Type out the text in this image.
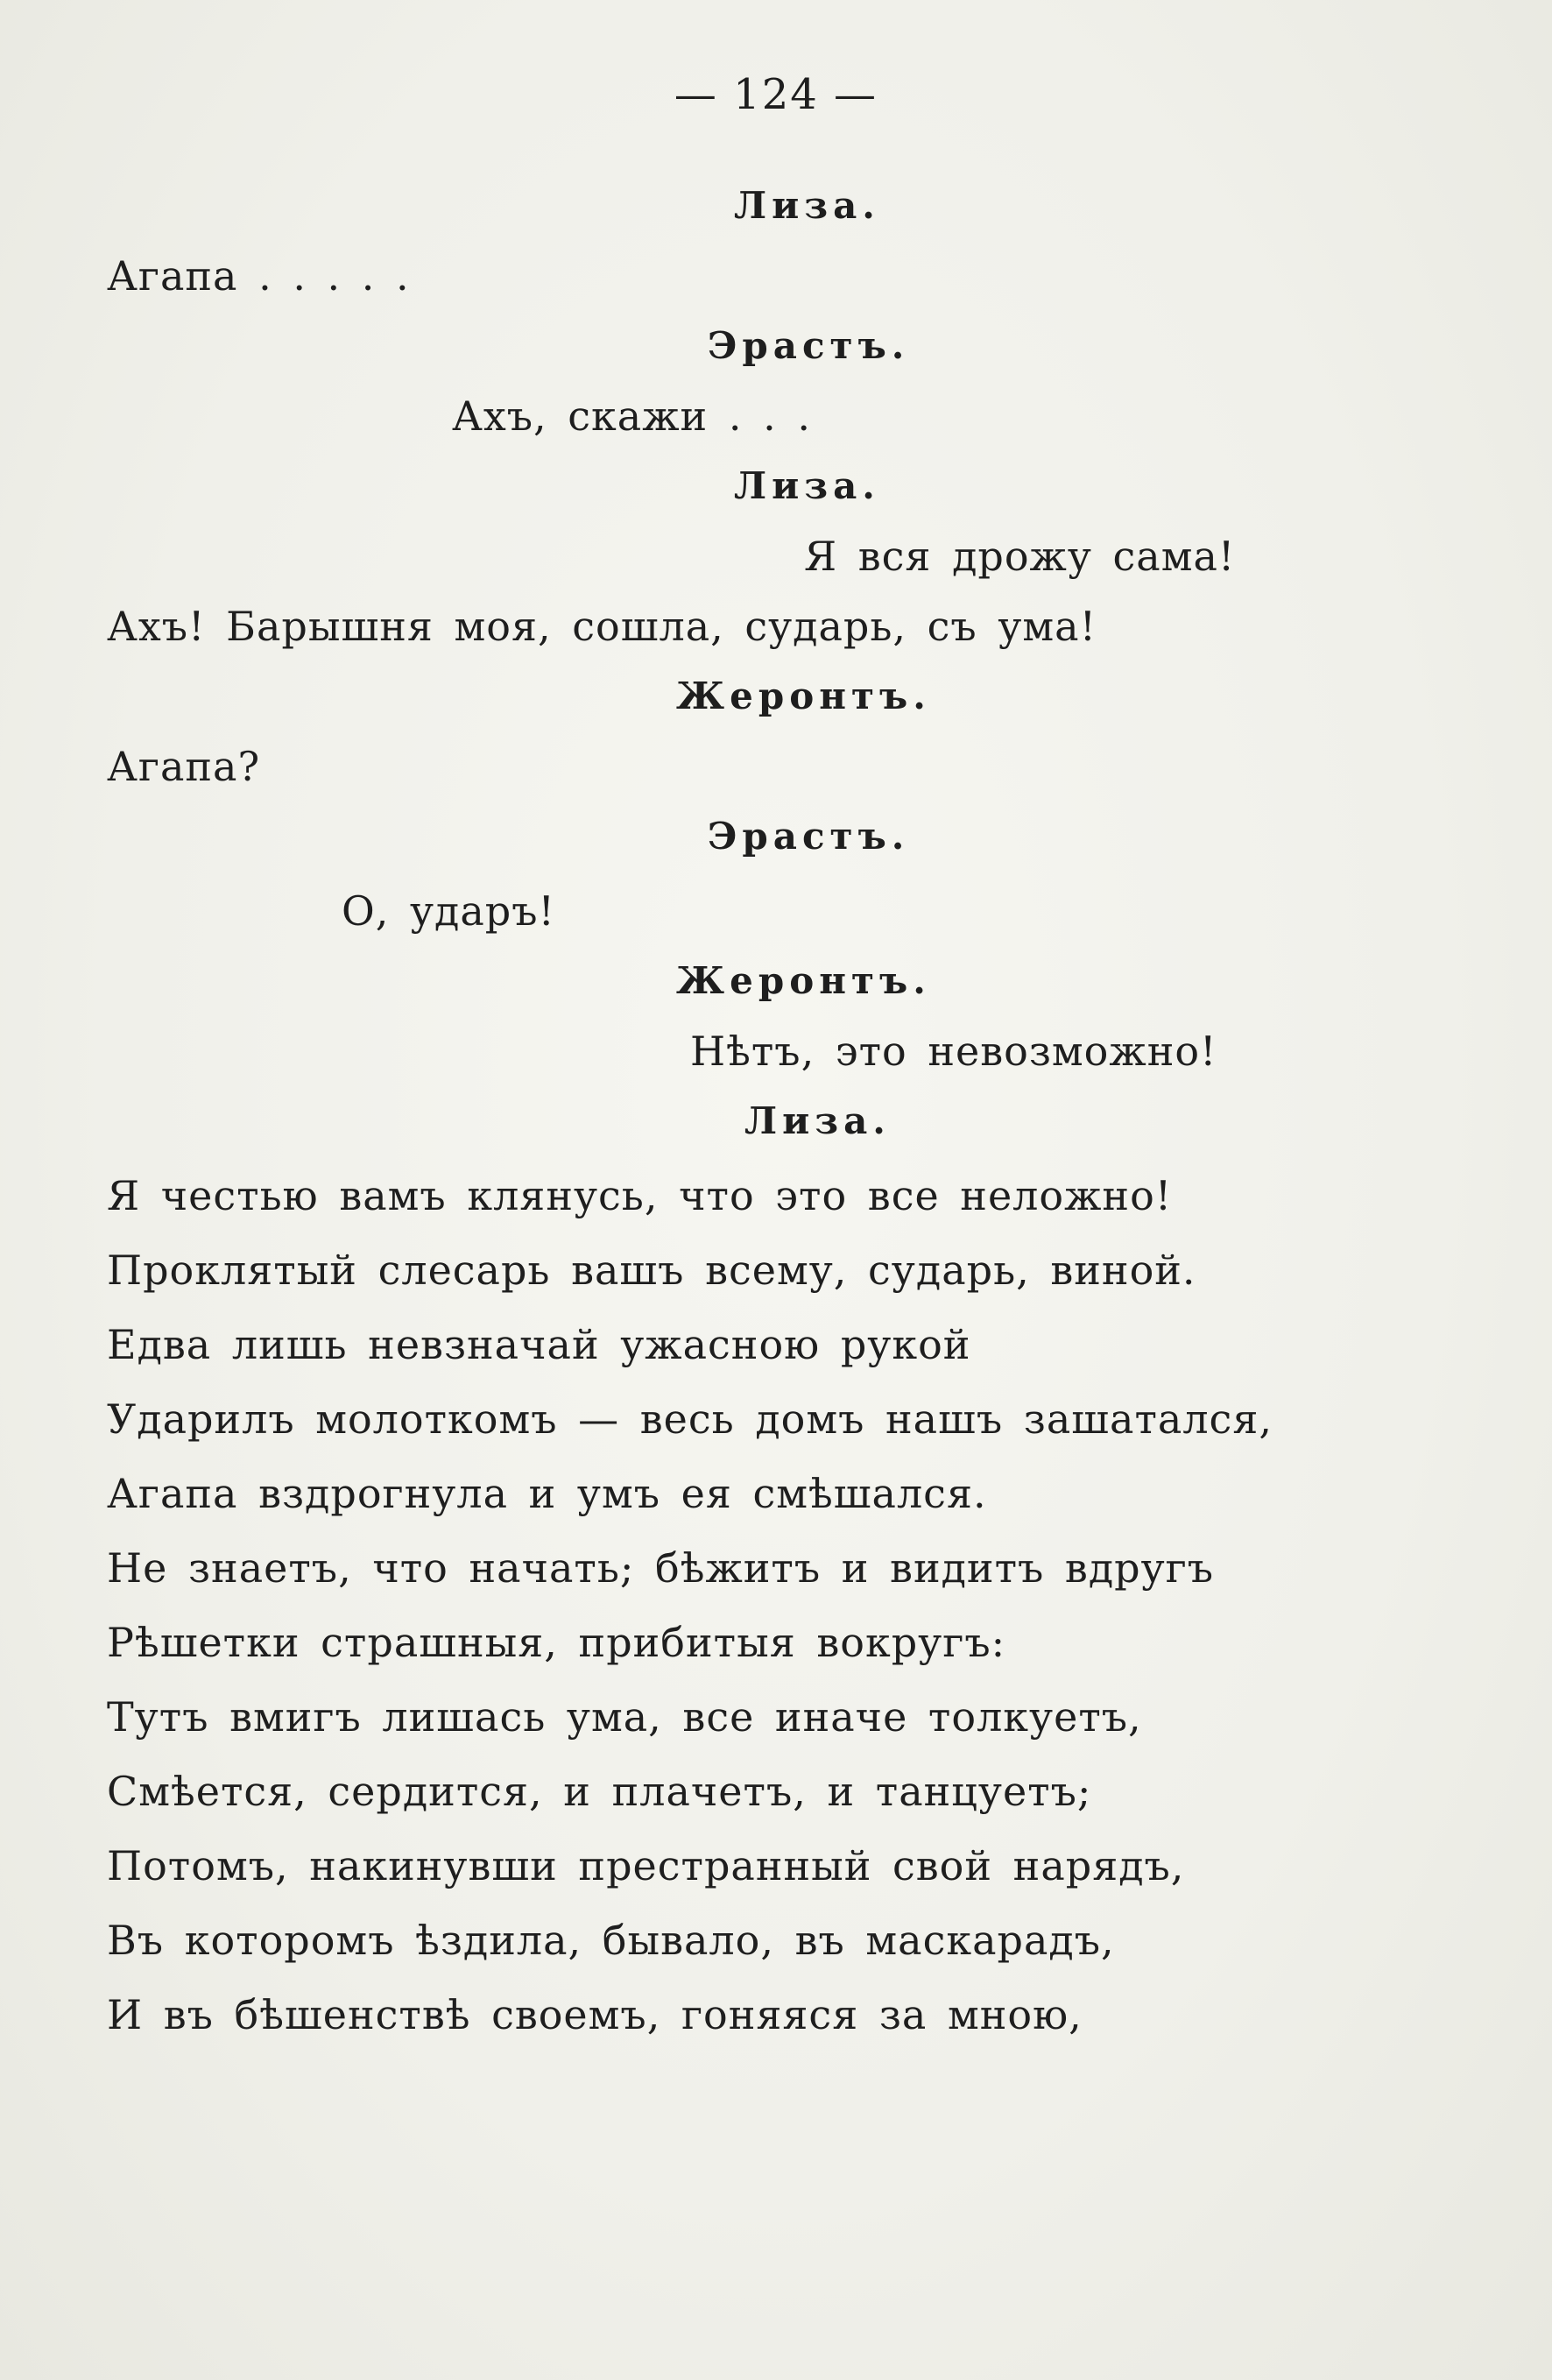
— 124 —
Лиза.
Агапа . . . . .
Эрастъ.
Ахъ, скажи . . .
Лиза.
Я вся дрожу сама!
Ахъ! Барышня моя, сошла, сударь, съ ума!
Жеронтъ.
Агапа?
Эрастъ.
О, ударъ!
Жеронтъ.
Нѣтъ, это невозможно!
Лиза.
Я честью вамъ клянусь, что это все неложно!
Проклятый слесарь вашъ всему, сударь, виной.
Едва лишь невзначай ужасною рукой
Ударилъ молоткомъ — весь домъ нашъ зашатался,
Агапа вздрогнула и умъ ея смѣшался.
Не знаетъ, что начать; бѣжитъ и видитъ вдругъ
Рѣшетки страшныя, прибитыя вокругъ:
Тутъ вмигъ лишась ума, все иначе толкуетъ,
Смѣется, сердится, и плачетъ, и танцуетъ;
Потомъ, накинувши престранный свой нарядъ,
Въ которомъ ѣздила, бывало, въ маскарадъ,
И въ бѣшенствѣ своемъ, гоняяся за мною,
